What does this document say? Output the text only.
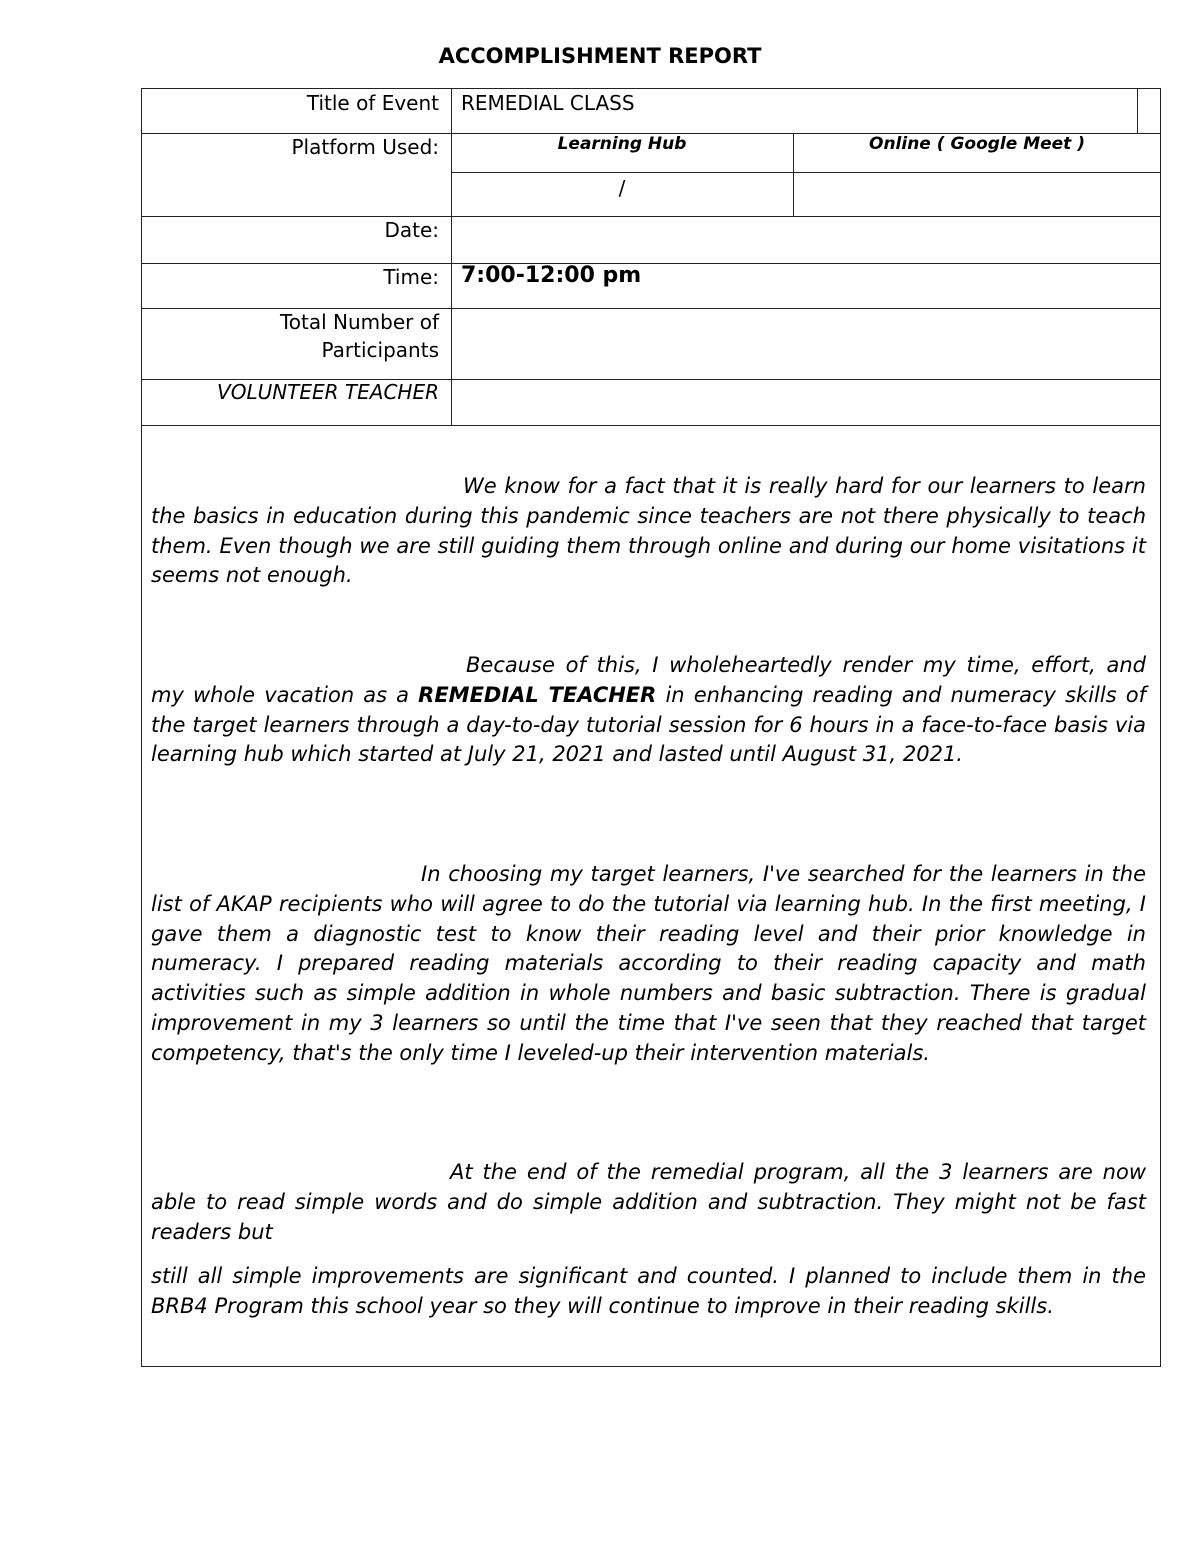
ACCOMPLISHMENT REPORT
Title of Event REMEDIAL CLASS
Platform Used:	Learning Hub	Online ( Google Meet )
/
Date:
Time: 7:00-12:00 pm
Total Number of
Participants
VOLUNTEER TEACHER

We know for a fact that it is really hard for our learners to learn the basics in education during this pandemic since teachers are not there physically to teach them. Even though we are still guiding them through online and during our home visitations it seems not enough.

Because of this, I wholeheartedly render my time, effort, and my whole vacation as a REMEDIAL TEACHER in enhancing reading and numeracy skills of the target learners through a day-to-day tutorial session for 6 hours in a face-to-face basis via learning hub which started at July 21, 2021 and lasted until August 31, 2021.

In choosing my target learners, I've searched for the learners in the list of AKAP recipients who will agree to do the tutorial via learning hub. In the first meeting, I gave them a diagnostic test to know their reading level and their prior knowledge in numeracy. I prepared reading materials according to their reading capacity and math activities such as simple addition in whole numbers and basic subtraction. There is gradual improvement in my 3 learners so until the time that I've seen that they reached that target competency, that's the only time I leveled-up their intervention materials.

At the end of the remedial program, all the 3 learners are now able to read simple words and do simple addition and subtraction. They might not be fast readers but

still all simple improvements are significant and counted. I planned to include them in the BRB4 Program this school year so they will continue to improve in their reading skills.
